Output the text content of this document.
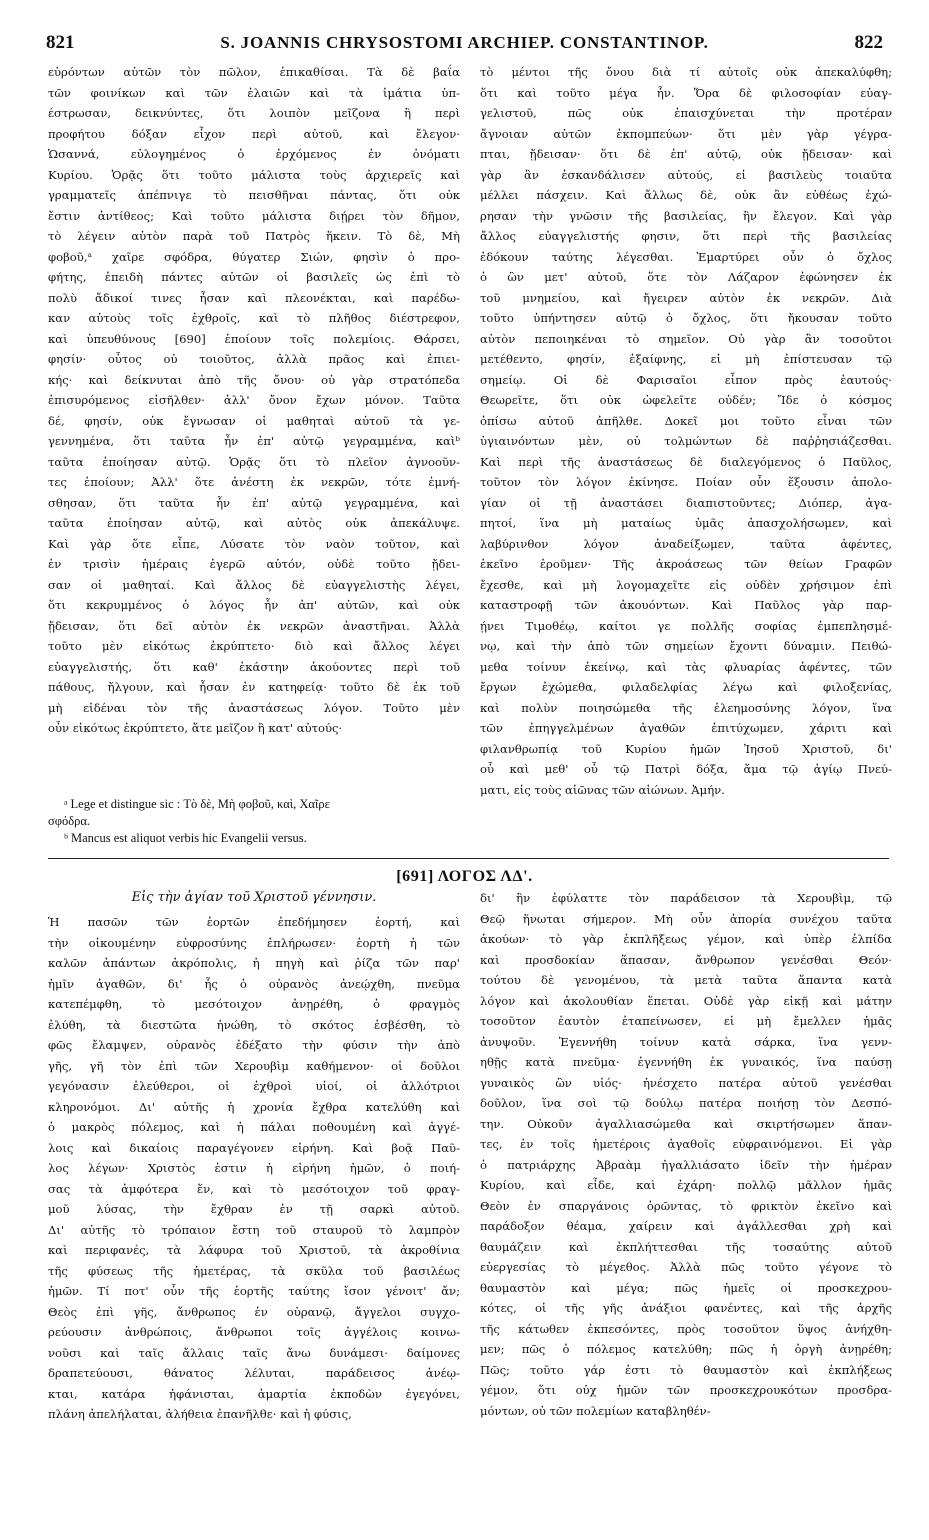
821	S. JOANNIS CHRYSOSTOMI ARCHIEP. CONSTANTINOP.	822
εὑρόντων αὐτῶν τὸν πῶλον, ἐπικαθίσαι. Τὰ δὲ βαΐα
τῶν φοινίκων καὶ τῶν ἐλαιῶν καὶ τὰ ἱμάτια ὑπ-
έστρωσαν, δεικνύντες, ὅτι λοιπὸν μεῖζονα ἢ περὶ
προφήτου δόξαν εἶχον περὶ αὐτοῦ, καὶ ἔλεγον·
Ὡσαννά, εὐλογημένος ὁ ἐρχόμενος ἐν ὀνόματι
Κυρίου. Ὁρᾷς ὅτι τοῦτο μάλιστα τοὺς ἀρχιερεῖς καὶ
γραμματεῖς ἀπέπνιγε τὸ πεισθῆναι πάντας, ὅτι οὐκ
ἔστιν ἀντίθεος; Καὶ τοῦτο μάλιστα διῄρει τὸν δῆμον,
τὸ λέγειν αὐτὸν παρὰ τοῦ Πατρὸς ἥκειν. Τὸ δὲ, Μὴ
φοβοῦ,ᵃ χαῖρε σφόδρα, θύγατερ Σιών, φησὶν ὁ προ-
φήτης, ἐπειδὴ πάντες αὐτῶν οἱ βασιλεῖς ὡς ἐπὶ τὸ
πολὺ ἄδικοί τινες ἦσαν καὶ πλεονέκται, καὶ παρέδω-
καν αὐτοὺς τοῖς ἐχθροῖς, καὶ τὸ πλῆθος διέστρεφον,
καὶ ὑπευθύνους [690] ἐποίουν τοῖς πολεμίοις. Θάρσει,
φησίν· οὗτος οὐ τοιοῦτος, ἀλλὰ πρᾶος καὶ ἐπιει-
κής· καὶ δείκνυται ἀπὸ τῆς ὄνου· οὐ γὰρ στρατόπεδα
ἐπισυρόμενος εἰσῆλθεν· ἀλλ' ὄνον ἔχων μόνον. Ταῦτα
δέ, φησίν, οὐκ ἔγνωσαν οἱ μαθηταὶ αὐτοῦ τὰ γε-
γεννημένα, ὅτι ταῦτα ἦν ἐπ' αὐτῷ γεγραμμένα, καὶᵇ
ταῦτα ἐποίησαν αὐτῷ. Ὁρᾷς ὅτι τὸ πλεῖον ἀγνοοῦν-
τες ἐποίουν; Ἀλλ' ὅτε ἀνέστη ἐκ νεκρῶν, τότε ἐμνή-
σθησαν, ὅτι ταῦτα ἦν ἐπ' αὐτῷ γεγραμμένα, καὶ
ταῦτα ἐποίησαν αὐτῷ, καὶ αὐτὸς οὐκ ἀπεκάλυψε.
Καὶ γὰρ ὅτε εἶπε, Λύσατε τὸν ναὸν τοῦτον, καὶ
ἐν τρισὶν ἡμέραις ἐγερῶ αὐτόν, οὐδὲ τοῦτο ᾔδει-
σαν οἱ μαθηταί. Καὶ ἄλλος δὲ εὐαγγελιστὴς λέγει,
ὅτι κεκρυμμένος ὁ λόγος ἦν ἀπ' αὐτῶν, καὶ οὐκ
ᾔδεισαν, ὅτι δεῖ αὐτὸν ἐκ νεκρῶν ἀναστῆναι. Ἀλλὰ
τοῦτο μὲν εἰκότως ἐκρύπτετο· διὸ καὶ ἄλλος λέγει
εὐαγγελιστής, ὅτι καθ' ἑκάστην ἀκούοντες περὶ τοῦ
πάθους, ἤλγουν, καὶ ἦσαν ἐν κατηφείᾳ· τοῦτο δὲ ἐκ τοῦ
μὴ εἰδέναι τὸν τῆς ἀναστάσεως λόγον. Τοῦτο μὲν
οὖν εἰκότως ἐκρύπτετο, ἅτε μεῖζον ἢ κατ' αὐτούς·
τὸ μέντοι τῆς ὄνου διὰ τί αὐτοῖς οὐκ ἀπεκαλύφθη;
ὅτι καὶ τοῦτο μέγα ἦν. Ὅρα δὲ φιλοσοφίαν εὐαγ-
γελιστοῦ, πῶς οὐκ ἐπαισχύνεται τὴν προτέραν
ἄγνοιαν αὐτῶν ἐκπομπεύων· ὅτι μὲν γὰρ γέγρα-
πται, ᾔδεισαν· ὅτι δὲ ἐπ' αὐτῷ, οὐκ ᾔδεισαν· καὶ
γὰρ ἂν ἐσκανδάλισεν αὐτούς, εἰ βασιλεὺς τοιαῦτα
μέλλει πάσχειν. Καὶ ἄλλως δὲ, οὐκ ἂν εὐθέως ἐχώ-
ρησαν τὴν γνῶσιν τῆς βασιλείας, ἣν ἔλεγον. Καὶ γὰρ
ἄλλος εὐαγγελιστής φησιν, ὅτι περὶ τῆς βασιλείας
ἐδόκουν ταύτης λέγεσθαι. Ἐμαρτύρει οὖν ὁ ὄχλος
ὁ ὢν μετ' αὐτοῦ, ὅτε τὸν Λάζαρον ἐφώνησεν ἐκ
τοῦ μνημείου, καὶ ἤγειρεν αὐτὸν ἐκ νεκρῶν. Διὰ
τοῦτο ὑπήντησεν αὐτῷ ὁ ὄχλος, ὅτι ἤκουσαν τοῦτο
αὐτὸν πεποιηκέναι τὸ σημεῖον. Οὐ γὰρ ἂν τοσοῦτοι
μετέθεντο, φησίν, ἐξαίφνης, εἰ μὴ ἐπίστευσαν τῷ
σημείῳ. Οἱ δὲ Φαρισαῖοι εἶπον πρὸς ἑαυτούς·
Θεωρεῖτε, ὅτι οὐκ ὠφελεῖτε οὐδέν; Ἴδε ὁ κόσμος
ὀπίσω αὐτοῦ ἀπῆλθε. Δοκεῖ μοι τοῦτο εἶναι τῶν
ὑγιαινόντων μὲν, οὐ τολμώντων δὲ παῤῥησιάζεσθαι.
Καὶ περὶ τῆς ἀναστάσεως δὲ διαλεγόμενος ὁ Παῦλος,
τοῦτον τὸν λόγον ἐκίνησε. Ποίαν οὖν ἕξουσιν ἀπολο-
γίαν οἱ τῇ ἀναστάσει διαπιστοῦντες; Διόπερ, ἀγα-
πητοί, ἵνα μὴ ματαίως ὑμᾶς ἀπασχολήσωμεν, καὶ
λαβύρινθον λόγον ἀναδείξωμεν, ταῦτα ἀφέντες,
ἐκεῖνο ἐροῦμεν· Τῆς ἀκροάσεως τῶν θείων Γραφῶν
ἔχεσθε, καὶ μὴ λογομαχεῖτε εἰς οὐδὲν χρήσιμον ἐπὶ
καταστροφῇ τῶν ἀκουόντων. Καὶ Παῦλος γὰρ παρ-
ῄνει Τιμοθέῳ, καίτοι γε πολλῆς σοφίας ἐμπεπλησμέ-
νῳ, καὶ τὴν ἀπὸ τῶν σημείων ἔχοντι δύναμιν. Πειθώ-
μεθα τοίνυν ἐκείνῳ, καὶ τὰς φλυαρίας ἀφέντες, τῶν
ἔργων ἐχώμεθα, φιλαδελφίας λέγω καὶ φιλοξενίας,
καὶ πολὺν ποιησώμεθα τῆς ἐλεημοσύνης λόγον, ἵνα
τῶν ἐπηγγελμένων ἀγαθῶν ἐπιτύχωμεν, χάριτι καὶ
φιλανθρωπίᾳ τοῦ Κυρίου ἡμῶν Ἰησοῦ Χριστοῦ, δι'
οὗ καὶ μεθ' οὗ τῷ Πατρὶ δόξα, ἅμα τῷ ἁγίῳ Πνεύ-
ματι, εἰς τοὺς αἰῶνας τῶν αἰώνων. Ἀμήν.
ᵃ Lege et distingue sic : Τὸ δὲ, Μὴ φοβοῦ, καὶ, Χαῖρε
σφόδρα.
ᵇ Mancus est aliquot verbis hic Evangelii versus.
[691] ΛΟΓΟΣ ΛΔ'.
Εἰς τὴν ἁγίαν τοῦ Χριστοῦ γέννησιν.
Ἡ πασῶν τῶν ἑορτῶν ἐπεδήμησεν ἑορτή, καὶ
τὴν οἰκουμένην εὐφροσύνης ἐπλήρωσεν· ἑορτὴ ἡ τῶν
καλῶν ἁπάντων ἀκρόπολις, ἡ πηγὴ καὶ ῥίζα τῶν παρ'
ἡμῖν ἀγαθῶν, δι' ἧς ὁ οὐρανὸς ἀνεῴχθη, πνεῦμα
κατεπέμφθη, τὸ μεσότοιχον ἀνῃρέθη, ὁ φραγμὸς
ἐλύθη, τὰ διεστῶτα ἡνώθη, τὸ σκότος ἐσβέσθη, τὸ
φῶς ἔλαμψεν, οὐρανὸς ἐδέξατο τὴν φύσιν τὴν ἀπὸ
γῆς, γῆ τὸν ἐπὶ τῶν Χερουβὶμ καθήμενον· οἱ δοῦλοι
γεγόνασιν ἐλεύθεροι, οἱ ἐχθροὶ υἱοί, οἱ ἀλλότριοι
κληρονόμοι. Δι' αὐτῆς ἡ χρονία ἔχθρα κατελύθη καὶ
ὁ μακρὸς πόλεμος, καὶ ἡ πάλαι ποθουμένη καὶ ἀγγέ-
λοις καὶ δικαίοις παραγέγονεν εἰρήνη. Καὶ βοᾷ Παῦ-
λος λέγων· Χριστὸς ἐστιν ἡ εἰρήνη ἡμῶν, ὁ ποιή-
σας τὰ ἀμφότερα ἕν, καὶ τὸ μεσότοιχον τοῦ φραγ-
μοῦ λύσας, τὴν ἔχθραν ἐν τῇ σαρκὶ αὐτοῦ.
Δι' αὐτῆς τὸ τρόπαιον ἔστη τοῦ σταυροῦ τὸ λαμπρὸν
καὶ περιφανές, τὰ λάφυρα τοῦ Χριστοῦ, τὰ ἀκροθίνια
τῆς φύσεως τῆς ἡμετέρας, τὰ σκῦλα τοῦ βασιλέως
ἡμῶν. Τί ποτ' οὖν τῆς ἑορτῆς ταύτης ἴσον γένοιτ' ἄν;
Θεὸς ἐπὶ γῆς, ἄνθρωπος ἐν οὐρανῷ, ἄγγελοι συγχο-
ρεύουσιν ἀνθρώποις, ἄνθρωποι τοῖς ἀγγέλοις κοινω-
νοῦσι καὶ ταῖς ἄλλαις ταῖς ἄνω δυνάμεσι· δαίμονες
δραπετεύουσι, θάνατος λέλυται, παράδεισος ἀνέῳ-
κται, κατάρα ἠφάνισται, ἁμαρτία ἐκποδὼν ἐγεγόνει,
πλάνη ἀπελήλαται, ἀλήθεια ἐπανῆλθε· καὶ ἡ φύσις,
δι' ἣν ἐφύλαττε τὸν παράδεισον τὰ Χερουβὶμ, τῷ
Θεῷ ἥνωται σήμερον. Μὴ οὖν ἀπορία συνέχου ταῦτα
ἀκούων· τὸ γὰρ ἐκπλῆξεως γέμον, καὶ ὑπὲρ ἐλπίδα
καὶ προσδοκίαν ἅπασαν, ἄνθρωπον γενέσθαι Θεόν·
τούτου δὲ γενομένου, τὰ μετὰ ταῦτα ἅπαντα κατὰ
λόγον καὶ ἀκολουθίαν ἕπεται. Οὐδὲ γὰρ εἰκῇ καὶ μάτην
τοσοῦτον ἑαυτὸν ἐταπείνωσεν, εἰ μὴ ἔμελλεν ἡμᾶς
ἀνυψοῦν. Ἐγεννήθη τοίνυν κατὰ σάρκα, ἵνα γενν-
ηθῇς κατὰ πνεῦμα· ἐγεννήθη ἐκ γυναικός, ἵνα παύσῃ
γυναικὸς ὢν υἱός· ἠνέσχετο πατέρα αὐτοῦ γενέσθαι
δοῦλον, ἵνα σοὶ τῷ δούλῳ πατέρα ποιήσῃ τὸν Δεσπό-
την. Οὐκοῦν ἀγαλλιασώμεθα καὶ σκιρτήσωμεν ἅπαν-
τες, ἐν τοῖς ἡμετέροις ἀγαθοῖς εὐφραινόμενοι. Εἰ γὰρ
ὁ πατριάρχης Ἀβραὰμ ἠγαλλιάσατο ἰδεῖν τὴν ἡμέραν
Κυρίου, καὶ εἶδε, καὶ ἐχάρη· πολλῷ μᾶλλον ἡμᾶς
Θεὸν ἐν σπαργάνοις ὁρῶντας, τὸ φρικτὸν ἐκεῖνο καὶ
παράδοξον θέαμα, χαίρειν καὶ ἀγάλλεσθαι χρὴ καὶ
θαυμάζειν καὶ ἐκπλήττεσθαι τῆς τοσαύτης αὐτοῦ
εὐεργεσίας τὸ μέγεθος. Ἀλλὰ πῶς τοῦτο γέγονε τὸ
θαυμαστὸν καὶ μέγα; πῶς ἡμεῖς οἱ προσκεχρου-
κότες, οἱ τῆς γῆς ἀνάξιοι φανέντες, καὶ τῆς ἀρχῆς
τῆς κάτωθεν ἐκπεσόντες, πρὸς τοσοῦτον ὕψος ἀνήχθη-
μεν; πῶς ὁ πόλεμος κατελύθη; πῶς ἡ ὀργὴ ἀνῃρέθη;
Πῶς; τοῦτο γάρ ἐστι τὸ θαυμαστὸν καὶ ἐκπλήξεως
γέμον, ὅτι οὐχ ἡμῶν τῶν προσκεχρουκότων προσδρα-
μόντων, οὐ τῶν πολεμίων καταβληθέν-
